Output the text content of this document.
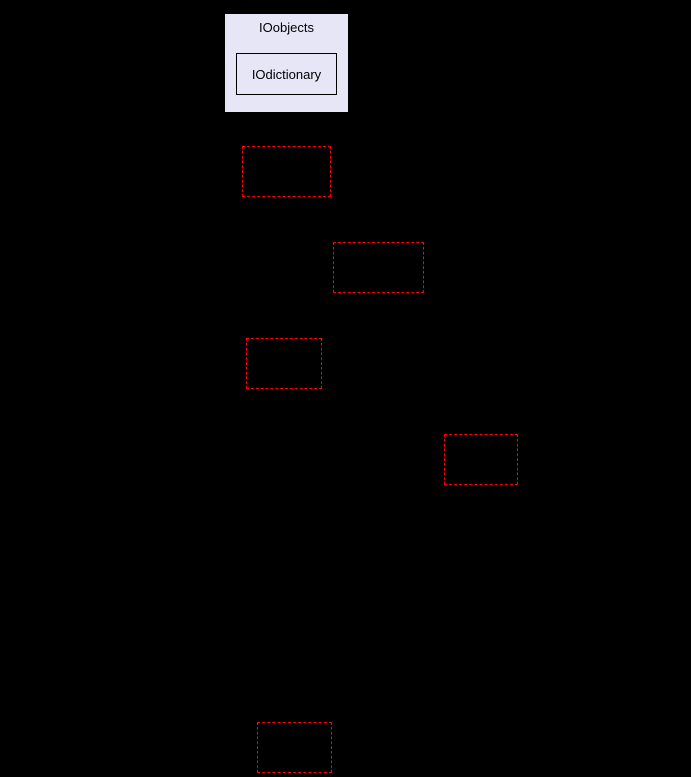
IOobjects
IOdictionary
